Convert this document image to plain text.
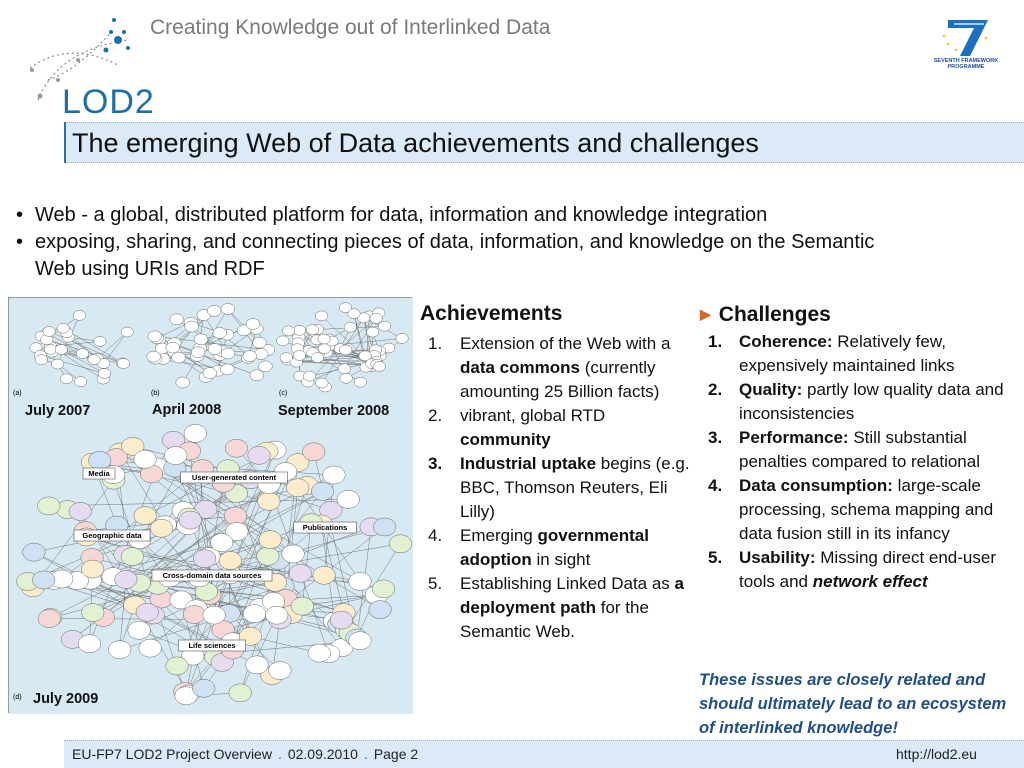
LOD2
Creating Knowledge out of Interlinked Data
SEVENTH FRAMEWORK PROGRAMME
The emerging Web of Data achievements and challenges
• Web - a global, distributed platform for data, information and knowledge integration
• exposing, sharing, and connecting pieces of data, information, and knowledge on the Semantic Web using URIs and RDF
Media	User-generated content
Geographic data
Publications
Cross-domain data sources
Life sciences
(a)	(b)	(c)
(d)
July 2007	April 2008	September 2008
July 2009
Achievements
1. Extension of the Web with a data commons (currently amounting 25 Billion facts)
2. vibrant, global RTD community
3. Industrial uptake begins (e.g. BBC, Thomson Reuters, Eli Lilly)
4. Emerging governmental adoption in sight
5. Establishing Linked Data as a deployment path for the Semantic Web.
▶ Challenges
1. Coherence: Relatively few, expensively maintained links
2. Quality: partly low quality data and inconsistencies
3. Performance: Still substantial penalties compared to relational
4. Data consumption: large-scale processing, schema mapping and data fusion still in its infancy
5. Usability: Missing direct end-user tools and network effect
These issues are closely related and should ultimately lead to an ecosystem of interlinked knowledge!
EU-FP7 LOD2 Project Overview . 02.09.2010 . Page 2	http://lod2.eu
